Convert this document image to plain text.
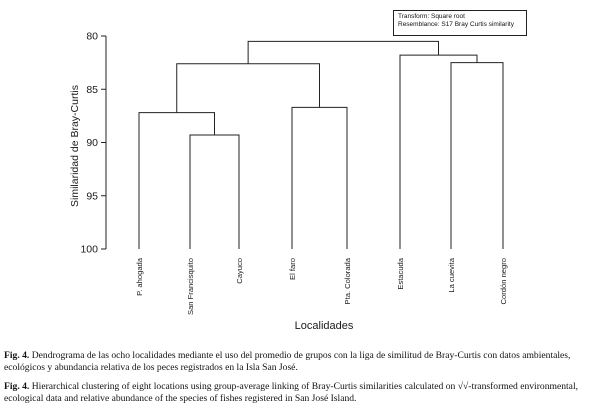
Similaridad de Bray-Curtis
80
85
90
95
100
P. ahogada	San Francisquito	Cayuco	El faro	Pta. Colorada	Estacuda	La cuevita	Cordón negro
Localidades
Transform: Square root
Resemblance: S17 Bray Curtis similarity
Fig. 4. Dendrograma de las ocho localidades mediante el uso del promedio de grupos con la liga de similitud de Bray-Curtis con datos ambientales, ecológicos y abundancia relativa de los peces registrados en la Isla San José.
Fig. 4. Hierarchical clustering of eight locations using group-average linking of Bray-Curtis similarities calculated on √√-transformed environmental, ecological data and relative abundance of the species of fishes registered in San José Island.
